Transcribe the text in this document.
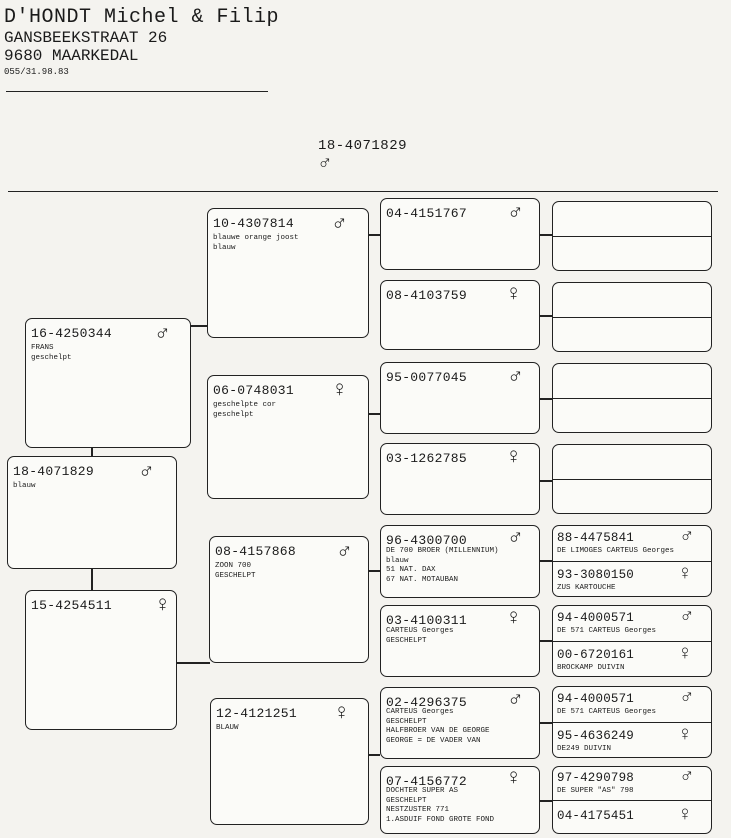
D'HONDT Michel & Filip
GANSBEEKSTRAAT 26
9680 MAARKEDAL
055/31.98.83
18-4071829
♂
18-4071829 ♂
blauw
16-4250344 ♂
FRANS
geschelpt
15-4254511 ♀
10-4307814 ♂
blauwe orange joost
blauw
06-0748031 ♀
geschelpte cor
geschelpt
08-4157868 ♂
ZOON 700
GESCHELPT
12-4121251 ♀
BLAUW
04-4151767 ♂
08-4103759 ♀
95-0077045 ♂
03-1262785 ♀
96-4300700 ♂
DE 700 BROER (MILLENNIUM)
blauw
51 NAT. DAX
67 NAT. MOTAUBAN
03-4100311 ♀
CARTEUS Georges
GESCHELPT
02-4296375 ♂
CARTEUS Georges
GESCHELPT
HALFBROER VAN DE GEORGE
GEORGE = DE VADER VAN
07-4156772 ♀
DOCHTER SUPER AS
GESCHELPT
NESTZUSTER 771
1.ASDUIF FOND GROTE FOND
88-4475841 ♂
DE LIMOGES CARTEUS Georges
93-3080150 ♀
ZUS KARTOUCHE
94-4000571 ♂
DE 571 CARTEUS Georges
00-6720161 ♀
BROCKAMP DUIVIN
94-4000571 ♂
DE 571 CARTEUS Georges
95-4636249 ♀
DE249 DUIVIN
97-4290798 ♂
DE SUPER "AS" 798
04-4175451 ♀
